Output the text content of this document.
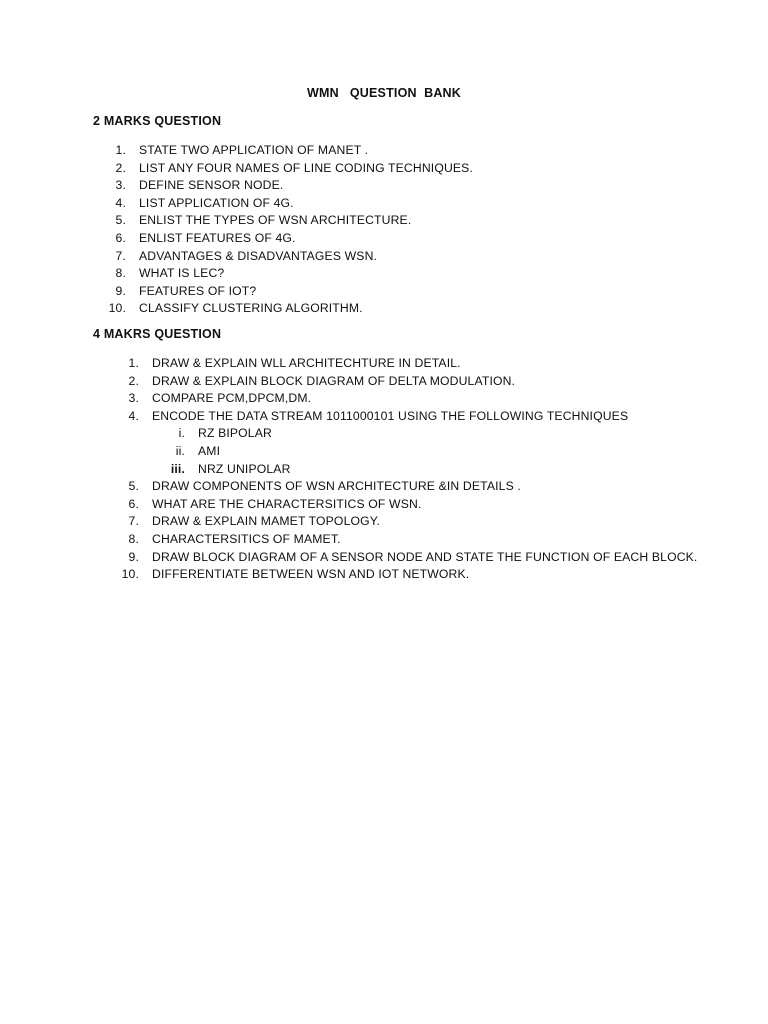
WMN   QUESTION  BANK
2 MARKS QUESTION
1. STATE TWO APPLICATION OF MANET .
2. LIST ANY FOUR NAMES OF LINE CODING TECHNIQUES.
3. DEFINE SENSOR NODE.
4. LIST APPLICATION OF 4G.
5. ENLIST THE TYPES OF WSN ARCHITECTURE.
6. ENLIST FEATURES OF 4G.
7. ADVANTAGES & DISADVANTAGES WSN.
8. WHAT IS LEC?
9. FEATURES OF IOT?
10. CLASSIFY CLUSTERING ALGORITHM.
4 MAKRS QUESTION
1. DRAW & EXPLAIN WLL ARCHITECHTURE IN DETAIL.
2. DRAW & EXPLAIN BLOCK DIAGRAM OF DELTA MODULATION.
3. COMPARE PCM,DPCM,DM.
4. ENCODE THE DATA STREAM 1011000101 USING THE FOLLOWING TECHNIQUES
i. RZ BIPOLAR
ii. AMI
iii. NRZ UNIPOLAR
5. DRAW COMPONENTS OF WSN ARCHITECTURE &IN DETAILS .
6. WHAT ARE THE CHARACTERSITICS OF WSN.
7. DRAW & EXPLAIN MAMET TOPOLOGY.
8. CHARACTERSITICS OF MAMET.
9. DRAW BLOCK DIAGRAM OF A SENSOR NODE AND STATE THE FUNCTION OF EACH BLOCK.
10. DIFFERENTIATE BETWEEN WSN AND IOT NETWORK.
